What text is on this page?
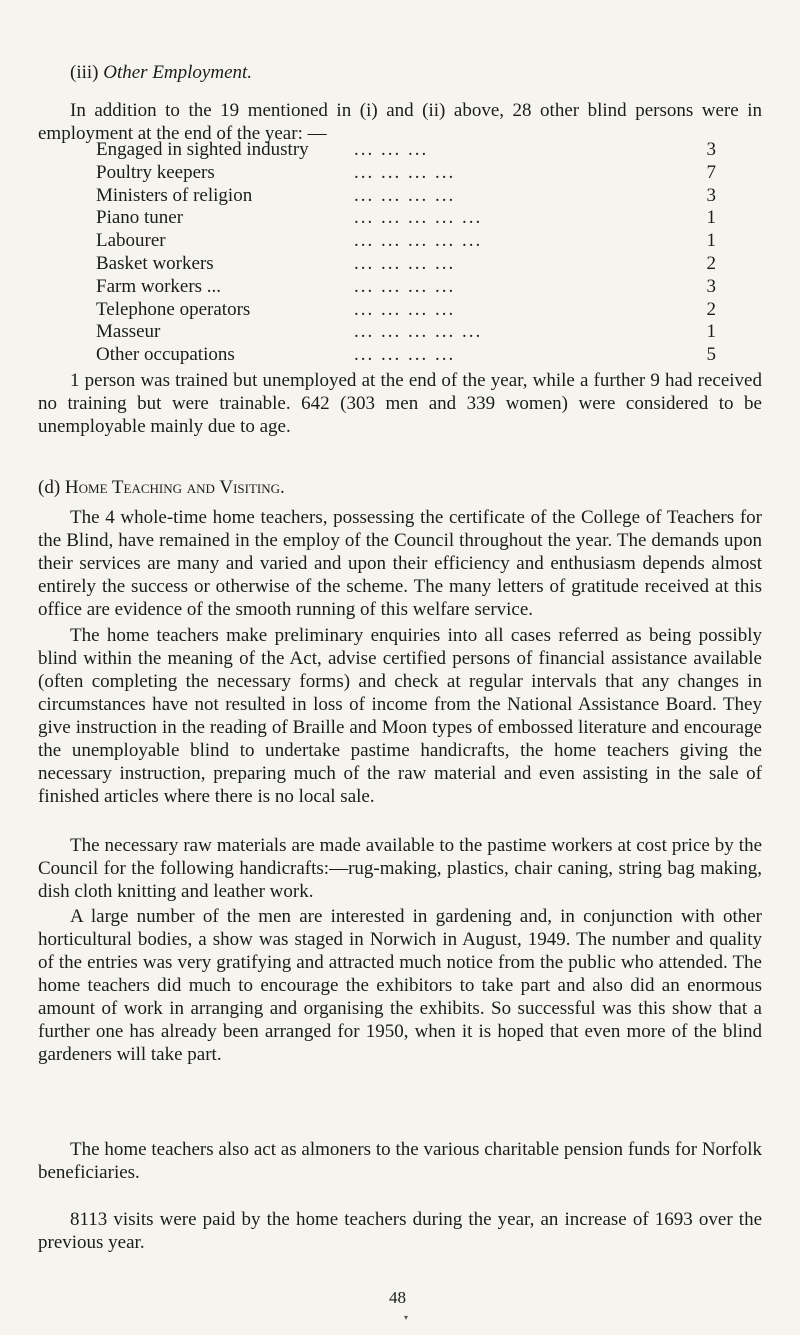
(iii) Other Employment.

In addition to the 19 mentioned in (i) and (ii) above, 28 other blind persons were in employment at the end of the year: —

Engaged in sighted industry ... ... ...	3
Poultry keepers	... ... ... ...	7
Ministers of religion	... ... ... ...	3
Piano tuner	... ... ... ... ...	1
Labourer	... ... ... ... ...	1
Basket workers	... ... ... ...	2
Farm workers ...	... ... ... ...	3
Telephone operators	... ... ... ...	2
Masseur	... ... ... ... ...	1
Other occupations	... ... ... ...	5

1 person was trained but unemployed at the end of the year, while a further 9 had received no training but were trainable. 642 (303 men and 339 women) were considered to be unemployable mainly due to age.

(d) Home Teaching and Visiting.

The 4 whole-time home teachers, possessing the certificate of the College of Teachers for the Blind, have remained in the employ of the Council throughout the year. The demands upon their services are many and varied and upon their efficiency and enthusiasm depends almost entirely the success or otherwise of the scheme. The many letters of gratitude received at this office are evidence of the smooth running of this welfare service.

The home teachers make preliminary enquiries into all cases referred as being possibly blind within the meaning of the Act, advise certified persons of financial assistance available (often completing the necessary forms) and check at regular intervals that any changes in circumstances have not resulted in loss of income from the National Assistance Board. They give instruction in the reading of Braille and Moon types of embossed literature and encourage the unemployable blind to undertake pastime handicrafts, the home teachers giving the necessary instruction, preparing much of the raw material and even assisting in the sale of finished articles where there is no local sale.

The necessary raw materials are made available to the pastime workers at cost price by the Council for the following handicrafts:—rug-making, plastics, chair caning, string bag making, dish cloth knitting and leather work.

A large number of the men are interested in gardening and, in conjunction with other horticultural bodies, a show was staged in Norwich in August, 1949. The number and quality of the entries was very gratifying and attracted much notice from the public who attended. The home teachers did much to encourage the exhibitors to take part and also did an enormous amount of work in arranging and organising the exhibits. So successful was this show that a further one has already been arranged for 1950, when it is hoped that even more of the blind gardeners will take part.

The home teachers also act as almoners to the various charitable pension funds for Norfolk beneficiaries.

8113 visits were paid by the home teachers during the year, an increase of 1693 over the previous year.

48
▾
